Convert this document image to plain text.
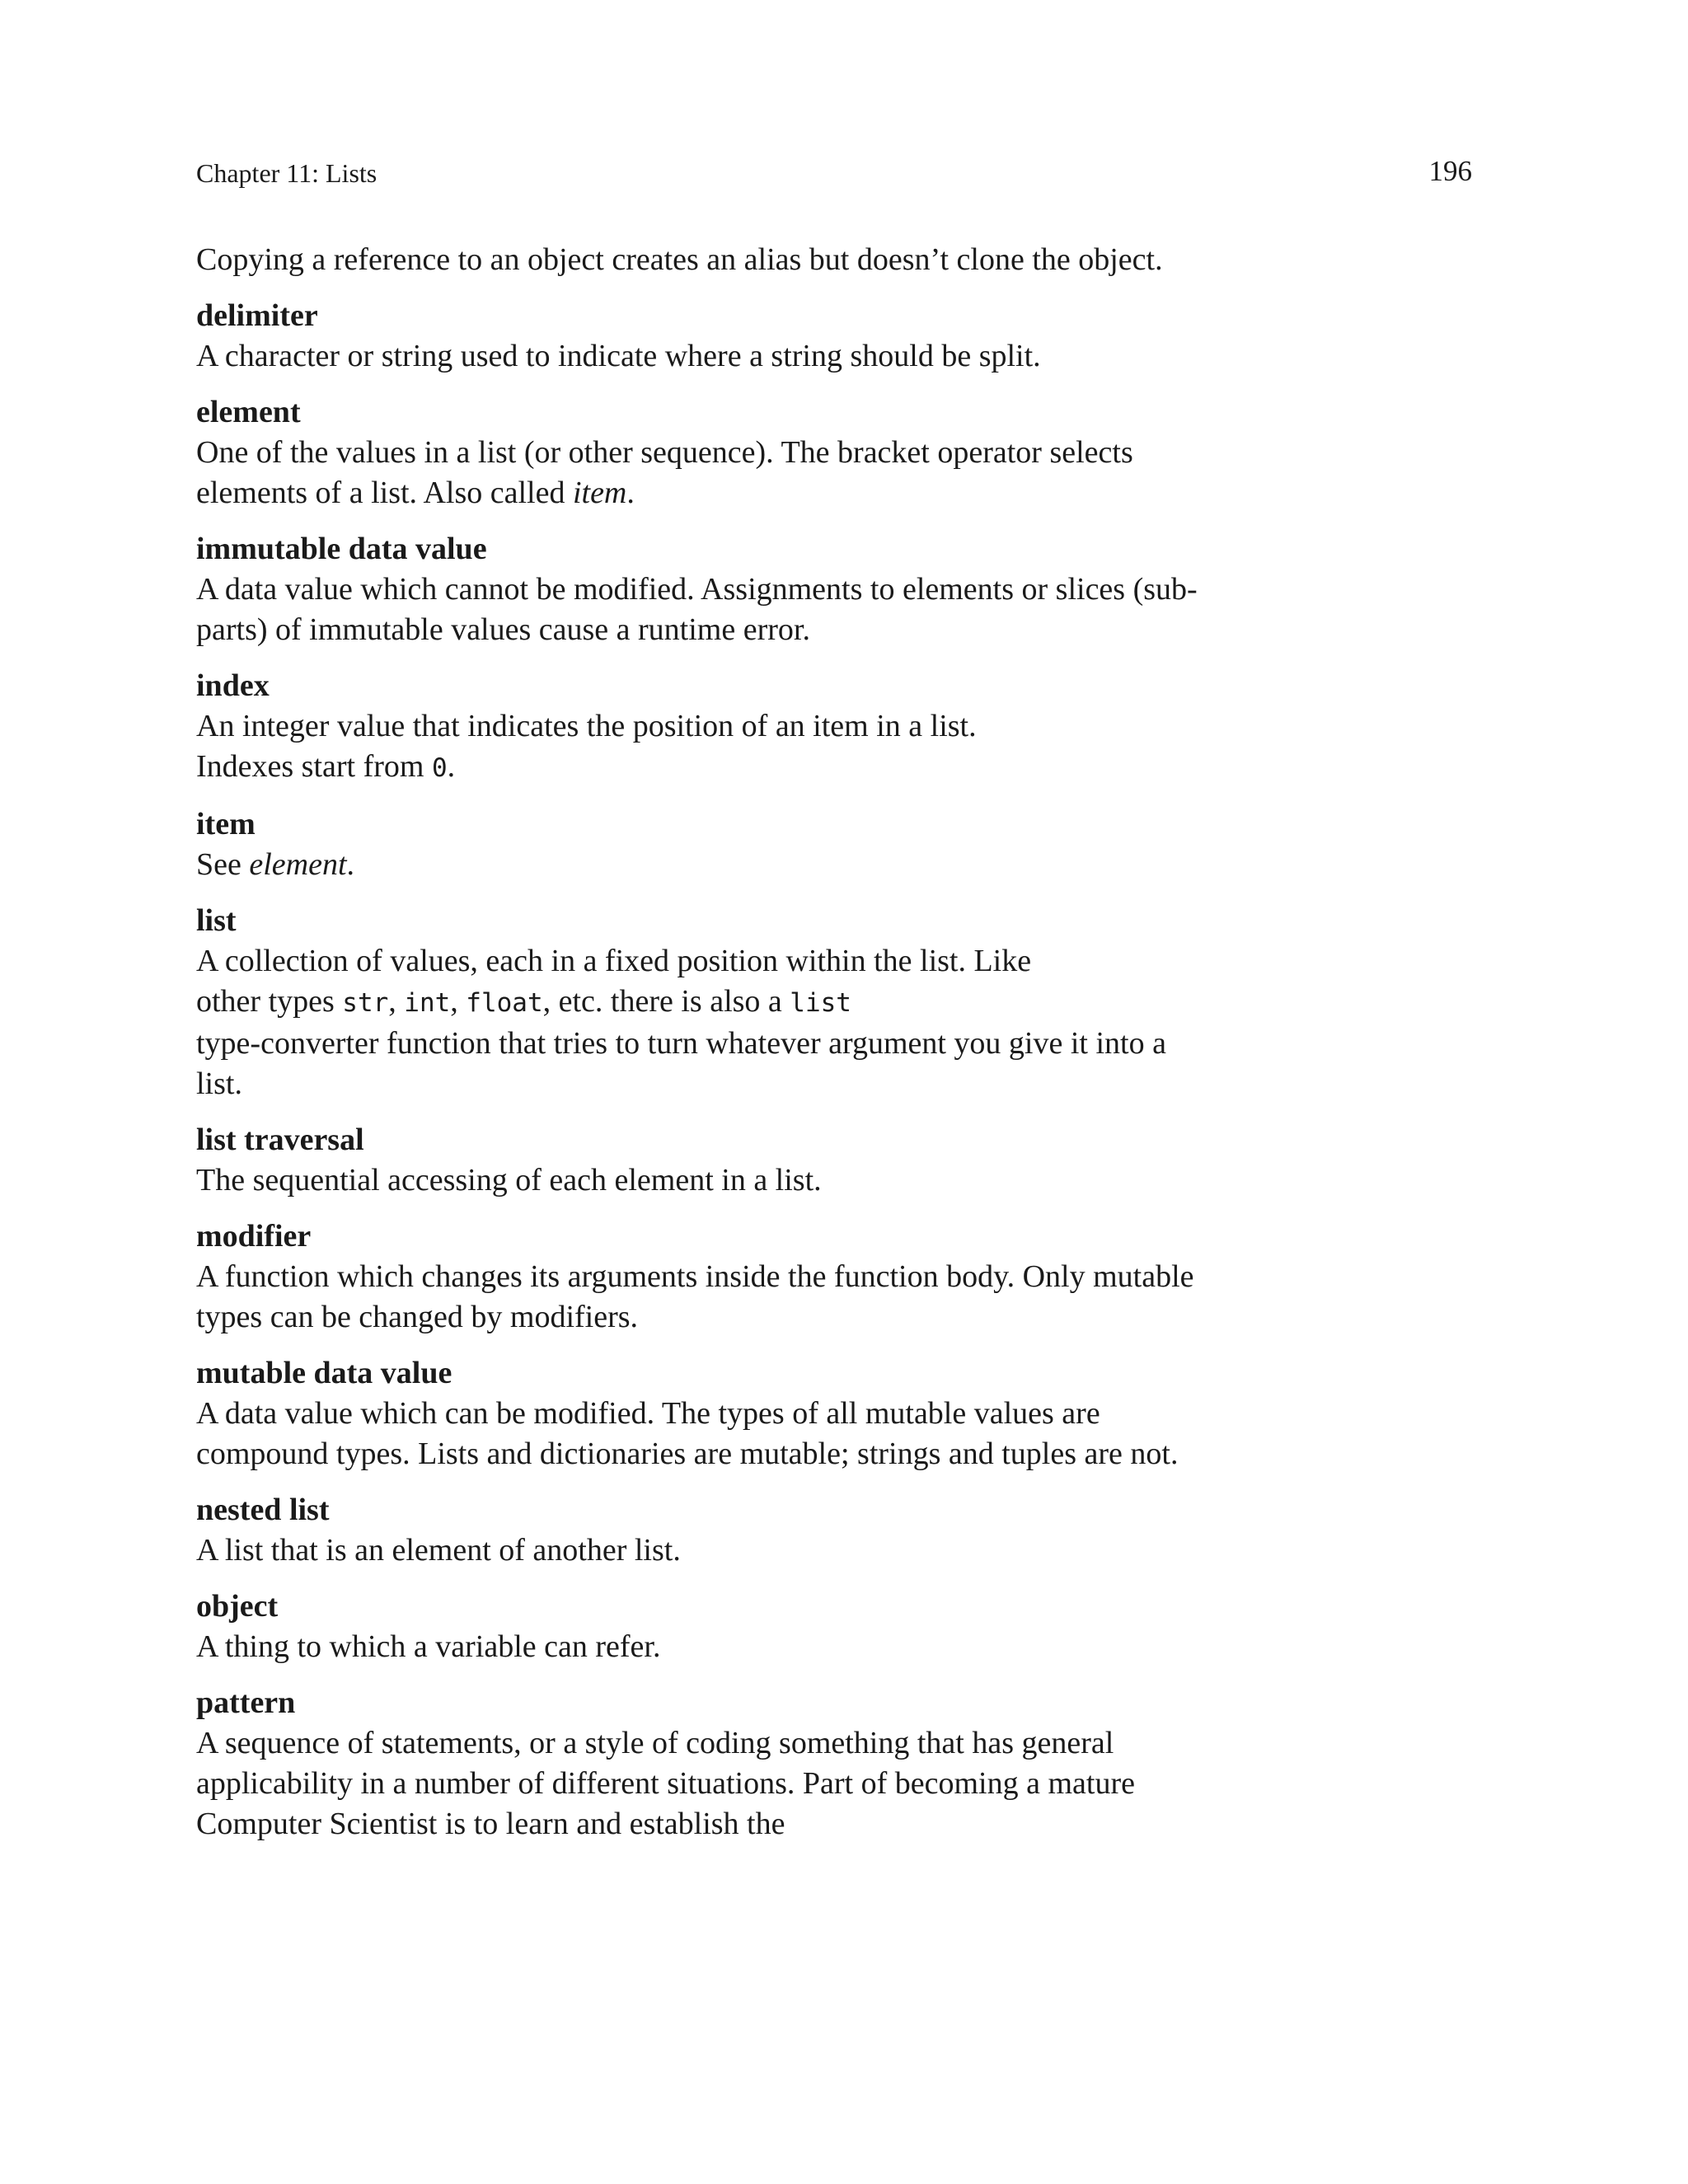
Chapter 11: Lists	196

Copying a reference to an object creates an alias but doesn’t clone the object.

delimiter

A character or string used to indicate where a string should be split.

element

One of the values in a list (or other sequence). The bracket operator selects elements of a list. Also called item.

immutable data value

A data value which cannot be modified. Assignments to elements or slices (sub-parts) of immutable values cause a runtime error.

index

An integer value that indicates the position of an item in a list.
Indexes start from 0.

item

See element.

list

A collection of values, each in a fixed position within the list. Like
other types str, int, float, etc. there is also a list
type-converter function that tries to turn whatever argument you give it into a list.

list traversal

The sequential accessing of each element in a list.

modifier

A function which changes its arguments inside the function body. Only mutable types can be changed by modifiers.

mutable data value

A data value which can be modified. The types of all mutable values are compound types. Lists and dictionaries are mutable; strings and tuples are not.

nested list

A list that is an element of another list.

object

A thing to which a variable can refer.

pattern

A sequence of statements, or a style of coding something that has general applicability in a number of different situations. Part of becoming a mature Computer Scientist is to learn and establish the
